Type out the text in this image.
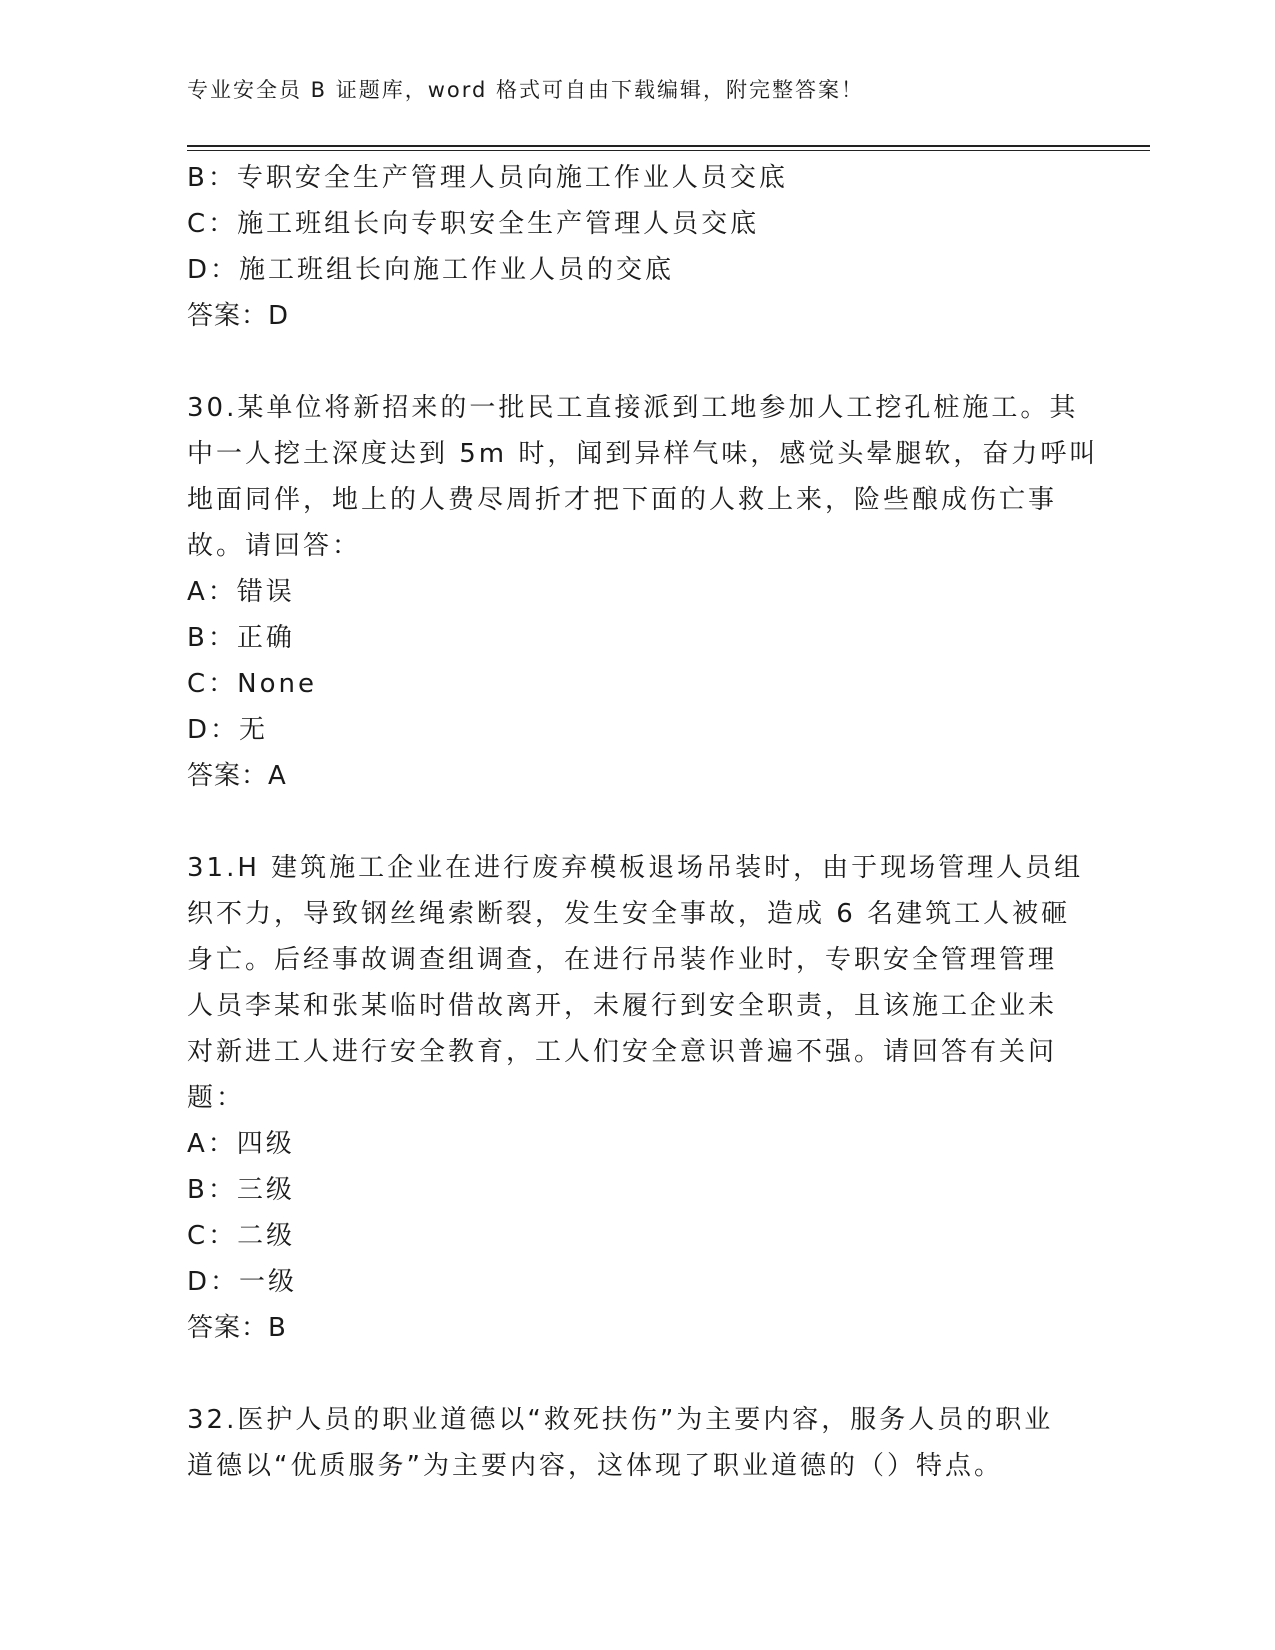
专业安全员 B 证题库，word 格式可自由下载编辑，附完整答案！
B：专职安全生产管理人员向施工作业人员交底
C：施工班组长向专职安全生产管理人员交底
D：施工班组长向施工作业人员的交底
答案：D
30.某单位将新招来的一批民工直接派到工地参加人工挖孔桩施工。其
中一人挖土深度达到 5m 时，闻到异样气味，感觉头晕腿软，奋力呼叫
地面同伴，地上的人费尽周折才把下面的人救上来，险些酿成伤亡事
故。请回答：
A：错误
B：正确
C：None
D：无
答案：A
31.H 建筑施工企业在进行废弃模板退场吊装时，由于现场管理人员组
织不力，导致钢丝绳索断裂，发生安全事故，造成 6 名建筑工人被砸
身亡。后经事故调查组调查，在进行吊装作业时，专职安全管理管理
人员李某和张某临时借故离开，未履行到安全职责，且该施工企业未
对新进工人进行安全教育，工人们安全意识普遍不强。请回答有关问
题：
A：四级
B：三级
C：二级
D：一级
答案：B
32.医护人员的职业道德以“救死扶伤”为主要内容，服务人员的职业
道德以“优质服务”为主要内容，这体现了职业道德的（）特点。
